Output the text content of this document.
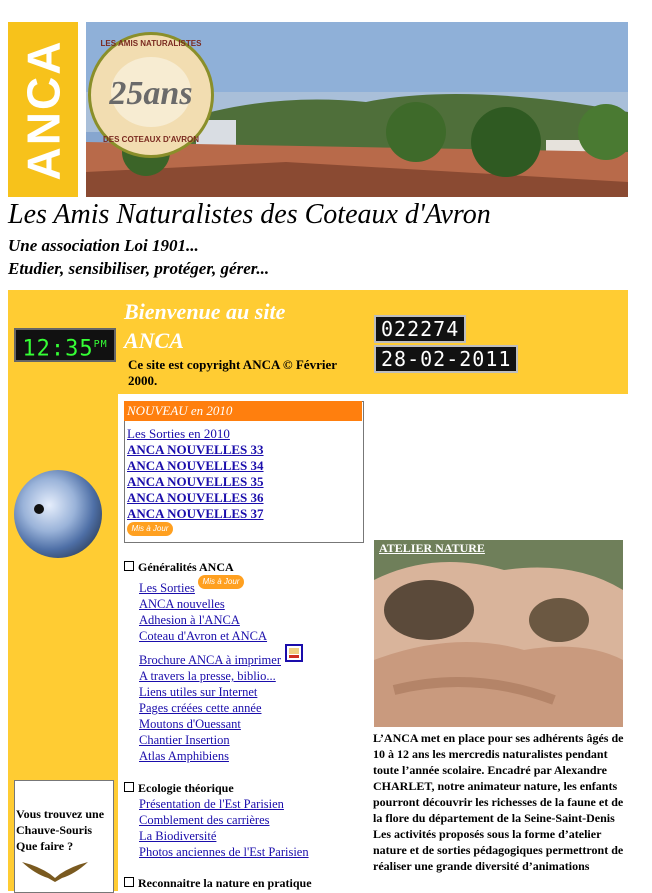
ANCA	LES AMIS NATURALISTES
25ans
DES COTEAUX D'AVRON
Les Amis Naturalistes des Coteaux d'Avron
Une association Loi 1901...
Etudier, sensibiliser, protéger, gérer...
$12:35^{PM}$
Bienvenue au site
ANCA
Ce site est copyright ANCA © Février 2000.
022274
28-02-2011
Vous trouvez une
Chauve-Souris
Que faire ?
NOUVEAU en 2010
Les Sorties en 2010
ANCA NOUVELLES 33
ANCA NOUVELLES 34
ANCA NOUVELLES 35
ANCA NOUVELLES 36
ANCA NOUVELLES 37
Mis à Jour
Généralités ANCA
Les Sorties Mis à Jour
ANCA nouvelles
Adhesion à l'ANCA
Coteau d'Avron et ANCA
Brochure ANCA à imprimer
A travers la presse, biblio...
Liens utiles sur Internet
Pages créées cette année
Moutons d'Ouessant
Chantier Insertion
Atlas Amphibiens
Ecologie théorique
Présentation de l'Est Parisien
Comblement des carrières
La Biodiversité
Photos anciennes de l'Est Parisien
Reconnaitre la nature en pratique
ATELIER NATURE
L’ANCA met en place pour ses adhérents âgés de 10 à 12 ans les mercredis naturalistes pendant toute l’année scolaire. Encadré par Alexandre CHARLET, notre animateur nature, les enfants pourront découvrir les richesses de la faune et de la flore du département de la Seine-Saint-Denis Les activités proposés sous la forme d’atelier nature et de sorties pédagogiques permettront de réaliser une grande diversité d’animations
